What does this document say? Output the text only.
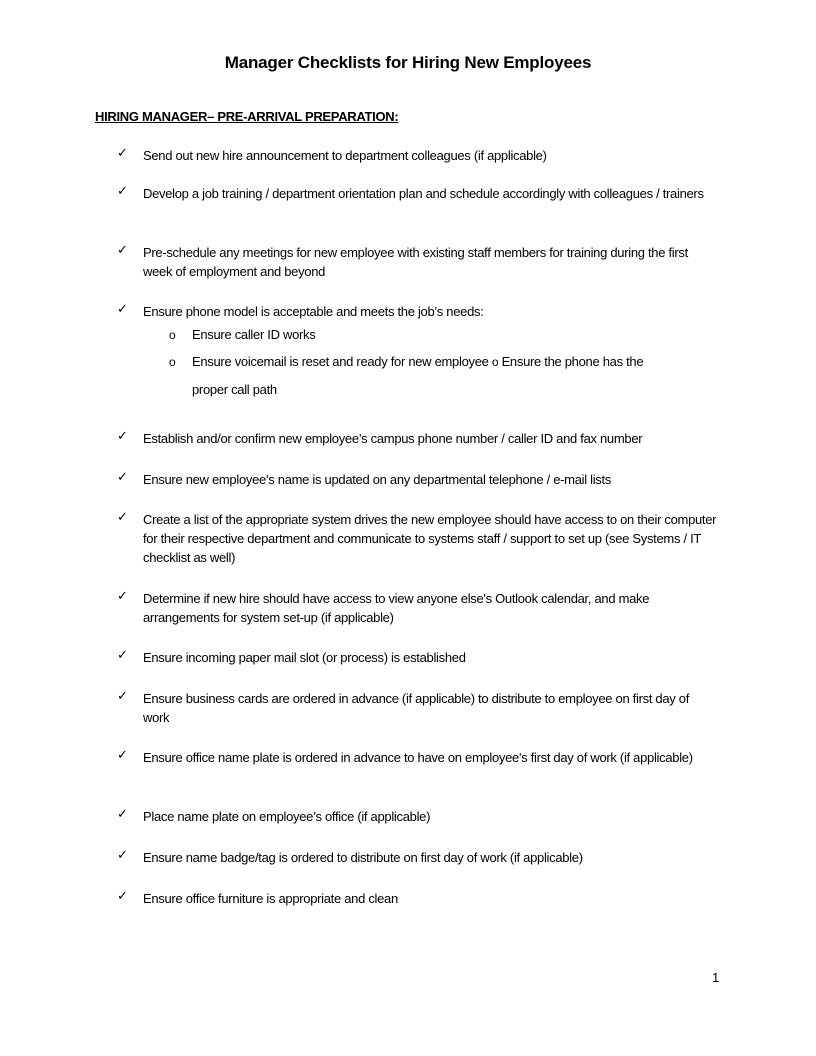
Manager Checklists for Hiring New Employees
HIRING MANAGER– PRE-ARRIVAL PREPARATION:
✓	Send out new hire announcement to department colleagues (if applicable)
✓	Develop a job training / department orientation plan and schedule accordingly with colleagues / trainers
✓	Pre-schedule any meetings for new employee with existing staff members for training during the first week of employment and beyond
✓	Ensure phone model is acceptable and meets the job’s needs:
o Ensure caller ID works
o Ensure voicemail is reset and ready for new employee o Ensure the phone has the
proper call path
✓	Establish and/or confirm new employee’s campus phone number / caller ID and fax number
✓	Ensure new employee’s name is updated on any departmental telephone / e-mail lists
✓	Create a list of the appropriate system drives the new employee should have access to on their computer for their respective department and communicate to systems staff / support to set up (see Systems / IT checklist as well)
✓	Determine if new hire should have access to view anyone else's Outlook calendar, and make arrangements for system set-up (if applicable)
✓	Ensure incoming paper mail slot (or process) is established
✓	Ensure business cards are ordered in advance (if applicable) to distribute to employee on first day of work
✓	Ensure office name plate is ordered in advance to have on employee's first day of work (if applicable)
✓	Place name plate on employee’s office (if applicable)
✓	Ensure name badge/tag is ordered to distribute on first day of work (if applicable)
✓	Ensure office furniture is appropriate and clean
1
